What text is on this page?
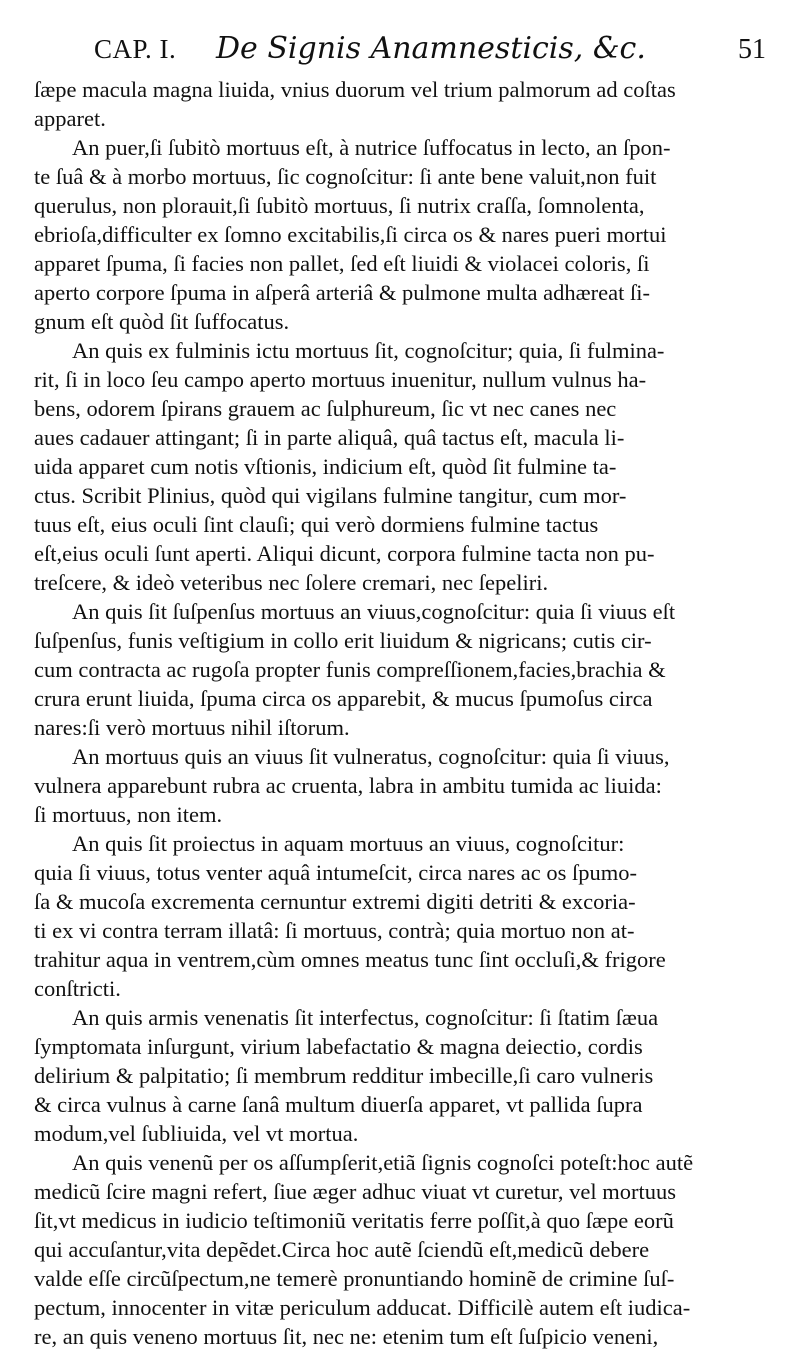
CAP. I. De Signis Anamnesticis, &c.	51
ſæpe macula magna liuida, vnius duorum vel trium palmorum ad coſtas
apparet.
An puer,ſi ſubitò mortuus eſt, à nutrice ſuffocatus in lecto, an ſpon-
te ſuâ & à morbo mortuus, ſic cognoſcitur: ſi ante bene valuit,non fuit
querulus, non plorauit,ſi ſubitò mortuus, ſi nutrix craſſa, ſomnolenta,
ebrioſa,difficulter ex ſomno excitabilis,ſi circa os & nares pueri mortui
apparet ſpuma, ſi facies non pallet, ſed eſt liuidi & violacei coloris, ſi
aperto corpore ſpuma in aſperâ arteriâ & pulmone multa adhæreat ſi-
gnum eſt quòd ſit ſuffocatus.
An quis ex fulminis ictu mortuus ſit, cognoſcitur; quia, ſi fulmina-
rit, ſi in loco ſeu campo aperto mortuus inuenitur, nullum vulnus ha-
bens, odorem ſpirans grauem ac ſulphureum, ſic vt nec canes nec
aues cadauer attingant; ſi in parte aliquâ, quâ tactus eſt, macula li-
uida apparet cum notis vſtionis, indicium eſt, quòd ſit fulmine ta-
ctus. Scribit Plinius, quòd qui vigilans fulmine tangitur, cum mor-
tuus eſt, eius oculi ſint clauſi; qui verò dormiens fulmine tactus
eſt,eius oculi ſunt aperti. Aliqui dicunt, corpora fulmine tacta non pu-
treſcere, & ideò veteribus nec ſolere cremari, nec ſepeliri.
An quis ſit ſuſpenſus mortuus an viuus,cognoſcitur: quia ſi viuus eſt
ſuſpenſus, funis veſtigium in collo erit liuidum & nigricans; cutis cir-
cum contracta ac rugoſa propter funis compreſſionem,facies,brachia &
crura erunt liuida, ſpuma circa os apparebit, & mucus ſpumoſus circa
nares:ſi verò mortuus nihil iſtorum.
An mortuus quis an viuus ſit vulneratus, cognoſcitur: quia ſi viuus,
vulnera apparebunt rubra ac cruenta, labra in ambitu tumida ac liuida:
ſi mortuus, non item.
An quis ſit proiectus in aquam mortuus an viuus, cognoſcitur:
quia ſi viuus, totus venter aquâ intumeſcit, circa nares ac os ſpumo-
ſa & mucoſa excrementa cernuntur extremi digiti detriti & excoria-
ti ex vi contra terram illatâ: ſi mortuus, contrà; quia mortuo non at-
trahitur aqua in ventrem,cùm omnes meatus tunc ſint occluſi,& frigore
conſtricti.
An quis armis venenatis ſit interfectus, cognoſcitur: ſi ſtatim ſæua
ſymptomata inſurgunt, virium labefactatio & magna deiectio, cordis
delirium & palpitatio; ſi membrum redditur imbecille,ſi caro vulneris
& circa vulnus à carne ſanâ multum diuerſa apparet, vt pallida ſupra
modum,vel ſubliuida, vel vt mortua.
An quis venenũ per os aſſumpſerit,etiã ſignis cognoſci poteſt:hoc autẽ
medicũ ſcire magni refert, ſiue æger adhuc viuat vt curetur, vel mortuus
ſit,vt medicus in iudicio teſtimoniũ veritatis ferre poſſit,à quo ſæpe eorũ
qui accuſantur,vita depẽdet.Circa hoc autẽ ſciendũ eſt,medicũ debere
valde eſſe circũſpectum,ne temerè pronuntiando hominẽ de crimine ſuſ-
pectum, innocenter in vitæ periculum adducat. Difficilè autem eſt iudica-
re, an quis veneno mortuus ſit, nec ne: etenim tum eſt ſuſpicio veneni,
